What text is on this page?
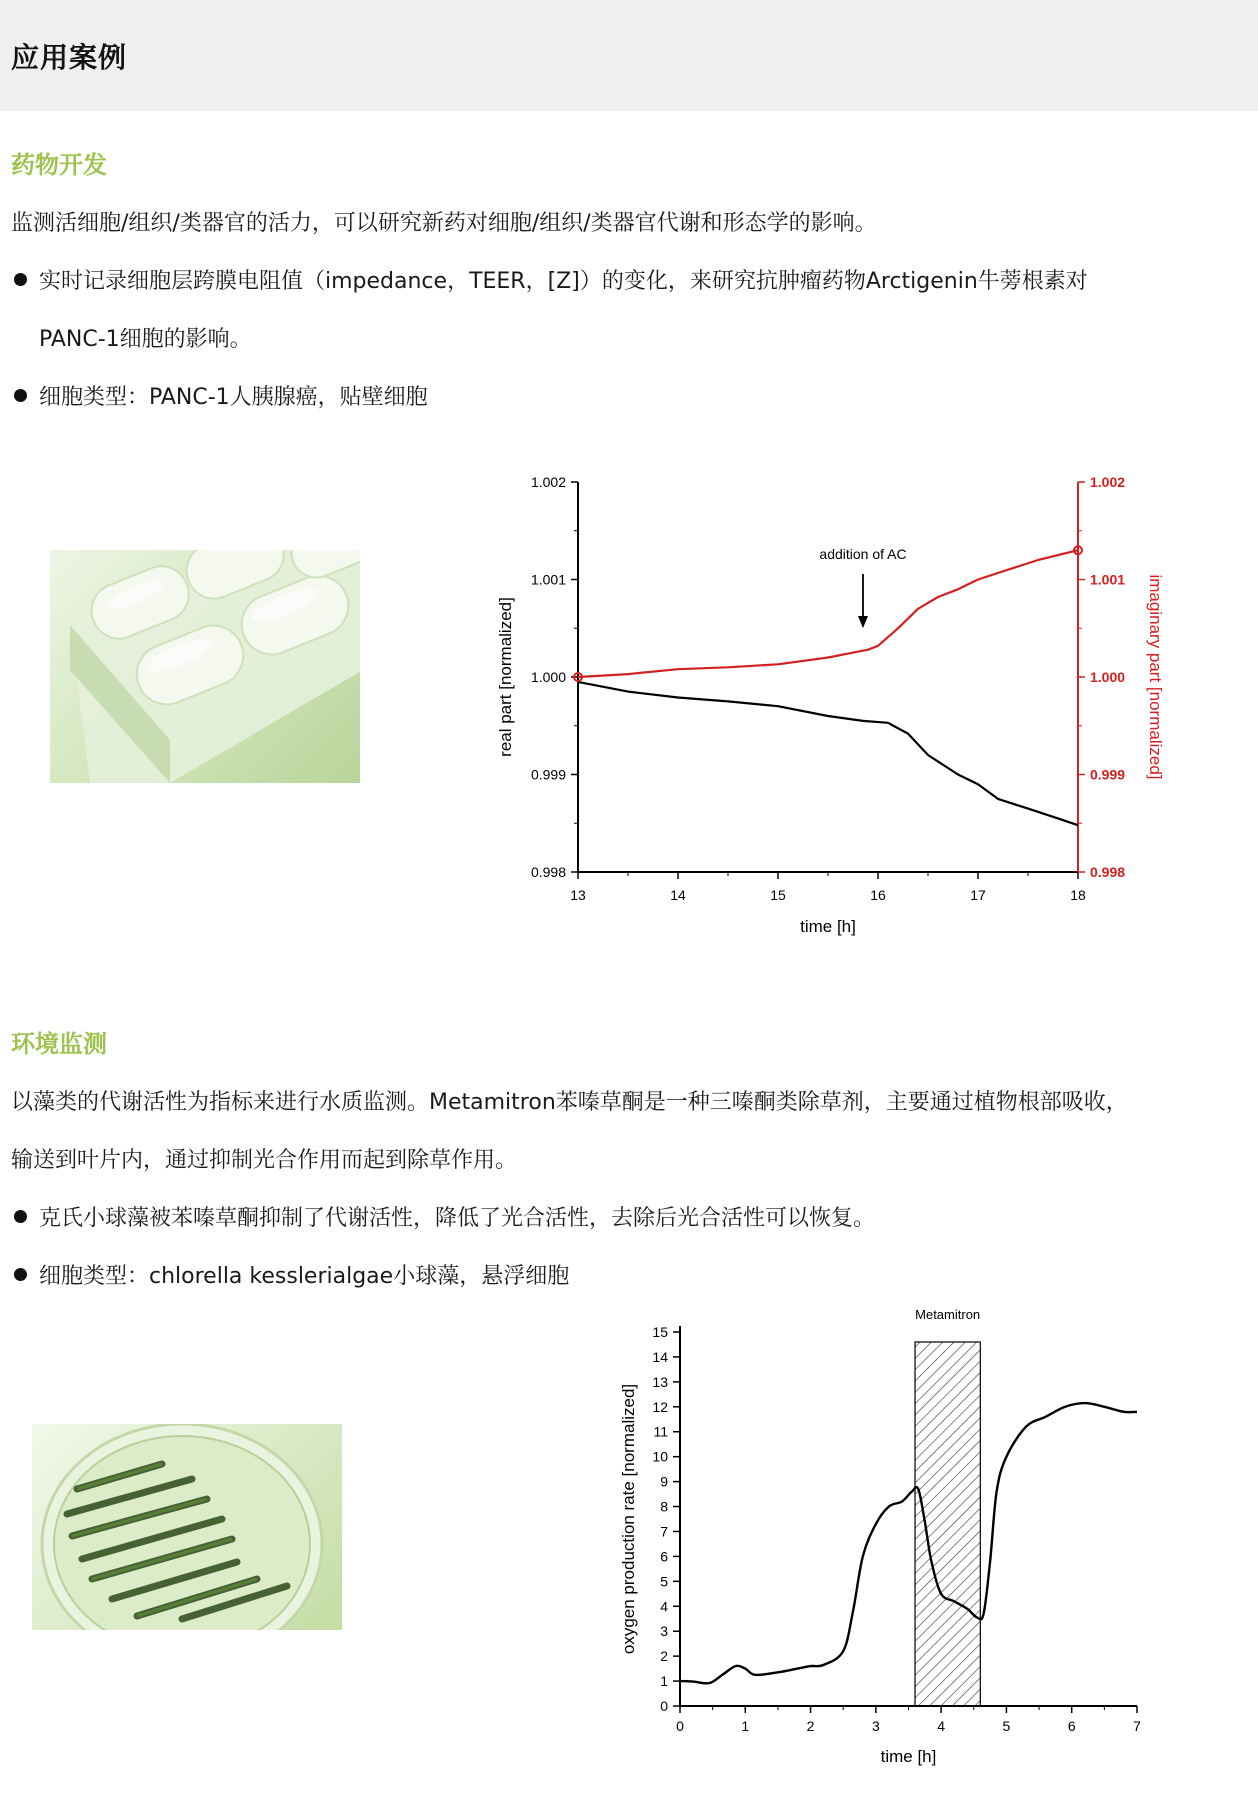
应用案例
药物开发
监测活细胞/组织/类器官的活力，可以研究新药对细胞/组织/类器官代谢和形态学的影响。
实时记录细胞层跨膜电阻值（impedance，TEER，[Z]）的变化，来研究抗肿瘤药物Arctigenin牛蒡根素对
PANC-1细胞的影响。
细胞类型：PANC-1人胰腺癌，贴壁细胞
13	14	15	16	17	18
0.998
0.999
1.000
1.001
1.002
0.998
0.999
1.000
1.001
1.002
time [h]
real part [normalized]	imaginary part [normalized]
addition of AC
环境监测
以藻类的代谢活性为指标来进行水质监测。Metamitron苯嗪草酮是一种三嗪酮类除草剂，主要通过植物根部吸收，
输送到叶片内，通过抑制光合作用而起到除草作用。
克氏小球藻被苯嗪草酮抑制了代谢活性，降低了光合活性，去除后光合活性可以恢复。
细胞类型：chlorella kesslerialgae小球藻，悬浮细胞
Metamitron
0	1	2	3	4	5	6	7
0
1
2
3
4
5
6
7
8
9
10
11
12
13
14
15
time [h]
oxygen production rate [normalized]
